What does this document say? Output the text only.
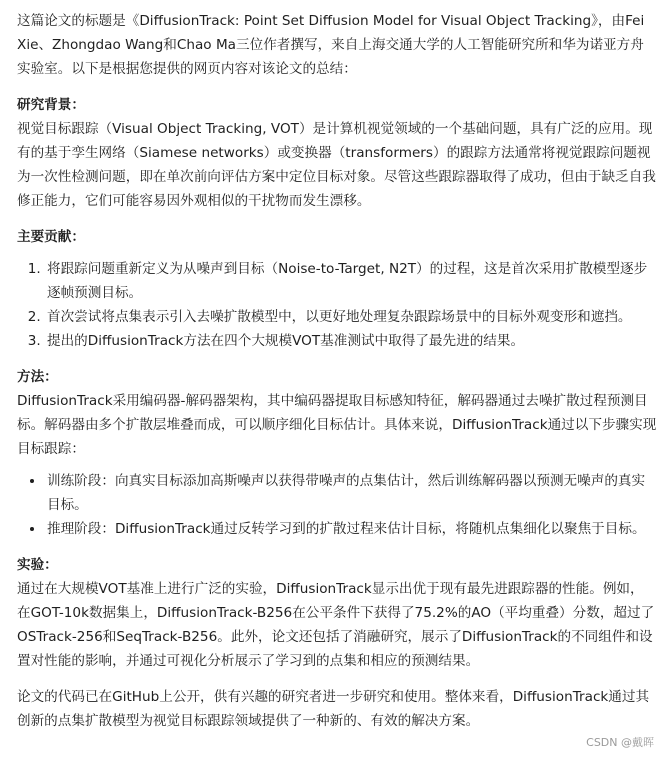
这篇论文的标题是《DiffusionTrack: Point Set Diffusion Model for Visual Object Tracking》，由Fei Xie、Zhongdao Wang和Chao Ma三位作者撰写，来自上海交通大学的人工智能研究所和华为诺亚方舟实验室。以下是根据您提供的网页内容对该论文的总结：

研究背景：

视觉目标跟踪（Visual Object Tracking, VOT）是计算机视觉领域的一个基础问题，具有广泛的应用。现有的基于孪生网络（Siamese networks）或变换器（transformers）的跟踪方法通常将视觉跟踪问题视为一次性检测问题，即在单次前向评估方案中定位目标对象。尽管这些跟踪器取得了成功，但由于缺乏自我修正能力，它们可能容易因外观相似的干扰物而发生漂移。

主要贡献：

1. 将跟踪问题重新定义为从噪声到目标（Noise-to-Target, N2T）的过程，这是首次采用扩散模型逐步逐帧预测目标。
2. 首次尝试将点集表示引入去噪扩散模型中，以更好地处理复杂跟踪场景中的目标外观变形和遮挡。
3. 提出的DiffusionTrack方法在四个大规模VOT基准测试中取得了最先进的结果。

方法：

DiffusionTrack采用编码器-解码器架构，其中编码器提取目标感知特征，解码器通过去噪扩散过程预测目标。解码器由多个扩散层堆叠而成，可以顺序细化目标估计。具体来说，DiffusionTrack通过以下步骤实现目标跟踪：

• 训练阶段：向真实目标添加高斯噪声以获得带噪声的点集估计，然后训练解码器以预测无噪声的真实目标。
• 推理阶段：DiffusionTrack通过反转学习到的扩散过程来估计目标，将随机点集细化以聚焦于目标。

实验：

通过在大规模VOT基准上进行广泛的实验，DiffusionTrack显示出优于现有最先进跟踪器的性能。例如，在GOT-10k数据集上，DiffusionTrack-B256在公平条件下获得了75.2%的AO（平均重叠）分数，超过了OSTrack-256和SeqTrack-B256。此外，论文还包括了消融研究，展示了DiffusionTrack的不同组件和设置对性能的影响，并通过可视化分析展示了学习到的点集和相应的预测结果。

论文的代码已在GitHub上公开，供有兴趣的研究者进一步研究和使用。整体来看，DiffusionTrack通过其创新的点集扩散模型为视觉目标跟踪领域提供了一种新的、有效的解决方案。

CSDN @戴晖
